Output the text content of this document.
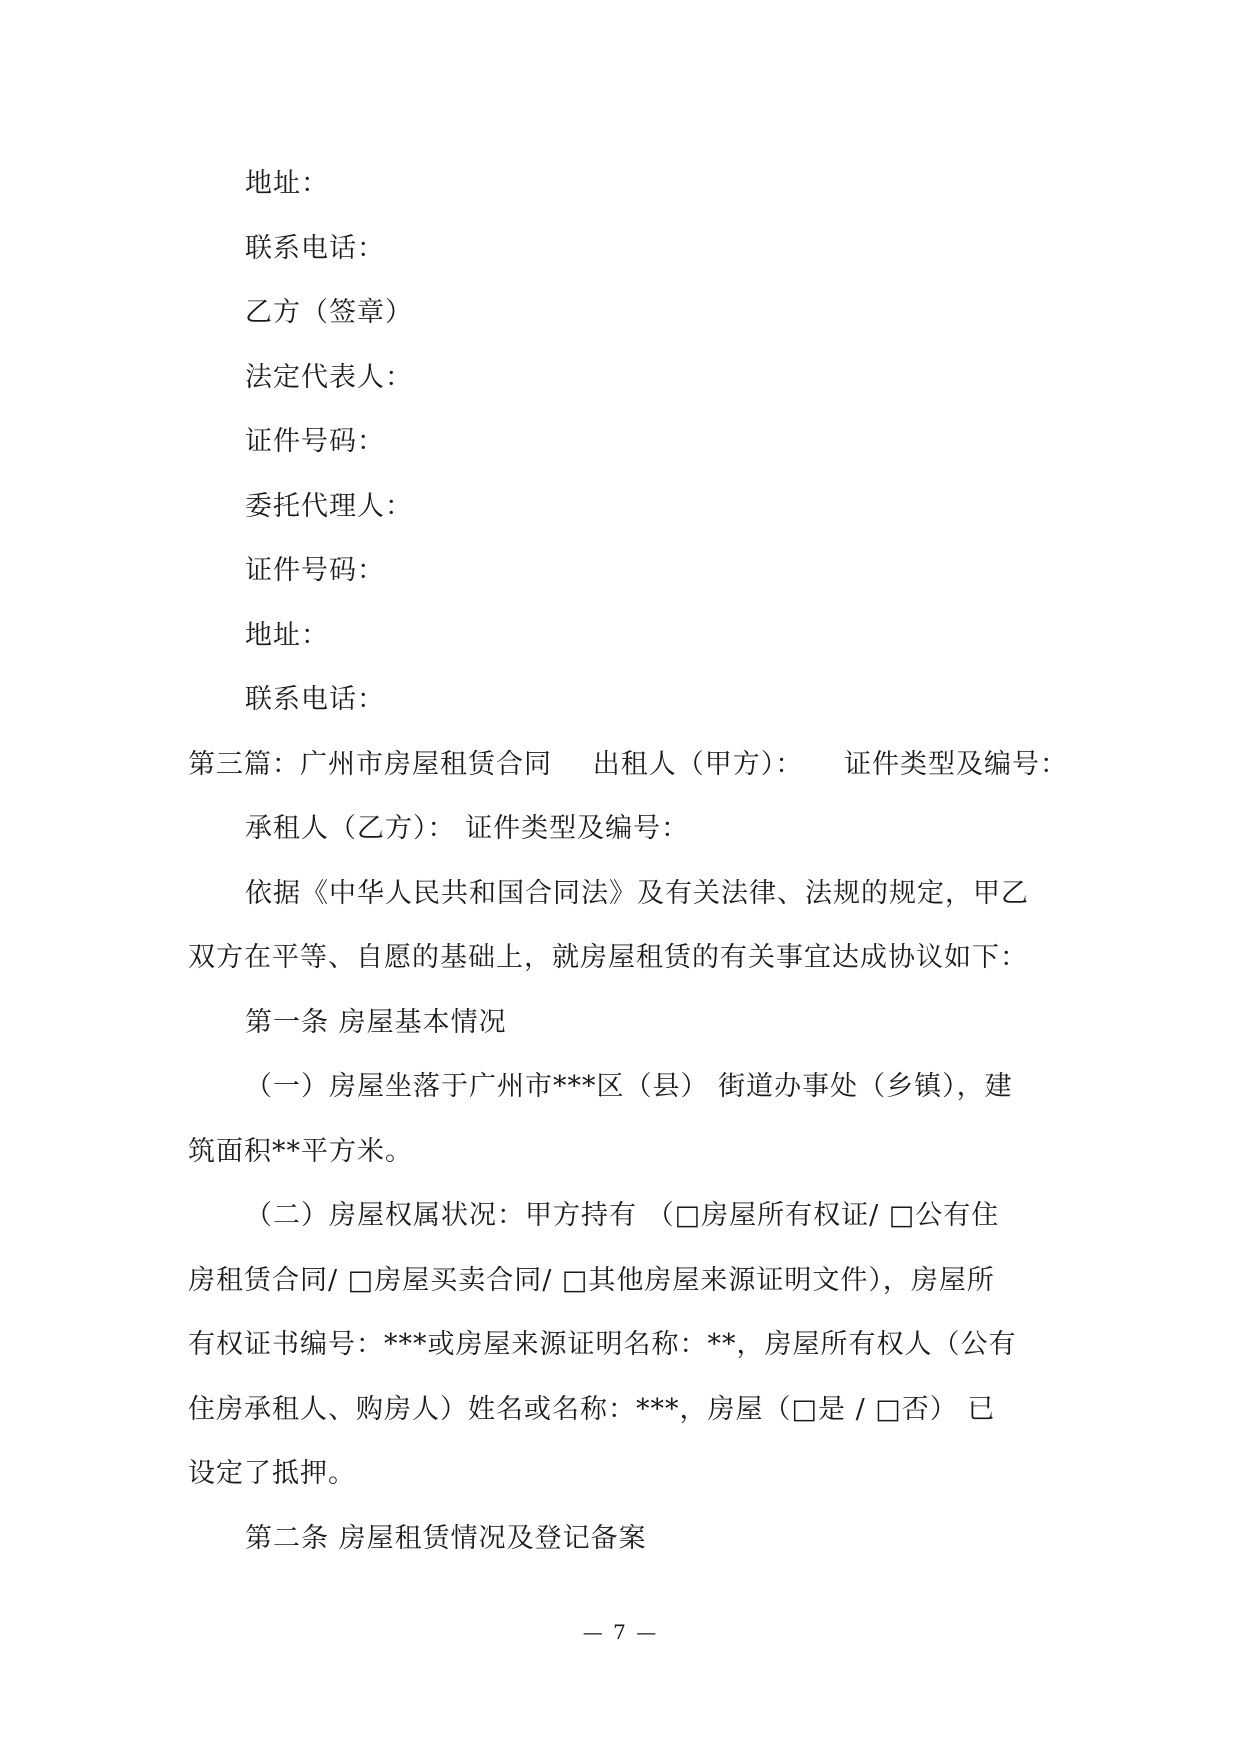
地址：
联系电话：
乙方（签章）
法定代表人：
证件号码：
委托代理人：
证件号码：
地址：
联系电话：
第三篇：广州市房屋租赁合同 出租人（甲方）： 证件类型及编号：
承租人（乙方）： 证件类型及编号：
依据《中华人民共和国合同法》及有关法律、法规的规定，甲乙
双方在平等、自愿的基础上，就房屋租赁的有关事宜达成协议如下：
第一条 房屋基本情况
（一）房屋坐落于广州市***区（县） 街道办事处（乡镇），建
筑面积**平方米。
（二）房屋权属状况：甲方持有 （□房屋所有权证/ □公有住
房租赁合同/ □房屋买卖合同/ □其他房屋来源证明文件），房屋所
有权证书编号：***或房屋来源证明名称：**，房屋所有权人（公有
住房承租人、购房人）姓名或名称：***，房屋（□是 / □否） 已
设定了抵押。
第二条 房屋租赁情况及登记备案
— 7 —
